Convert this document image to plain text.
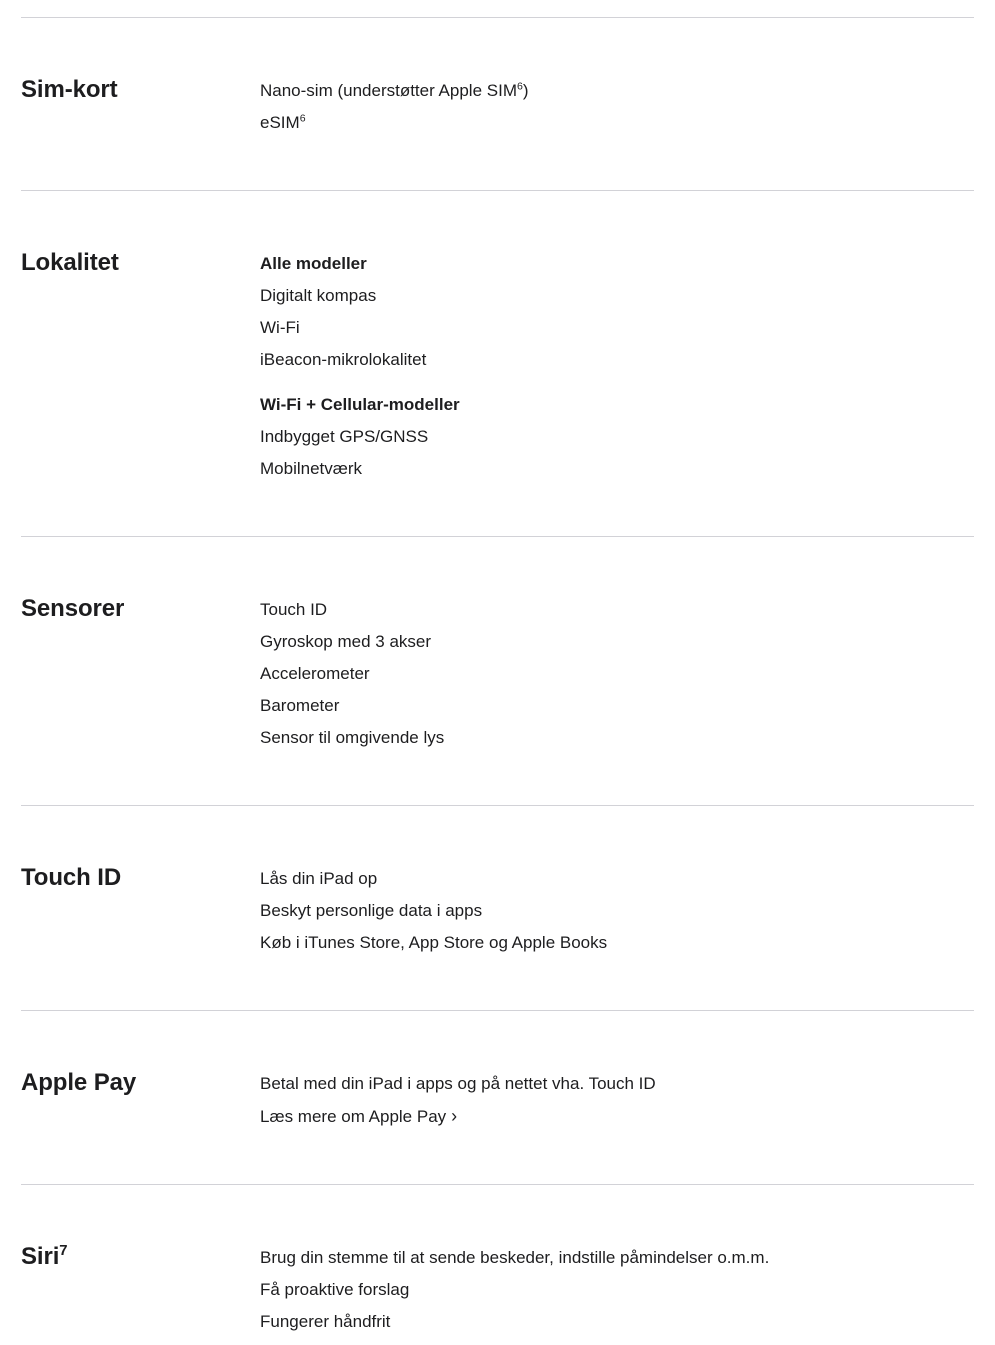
Sim-kort	Nano-sim (understøtter Apple SIM$^6$)

eSIM$^6$

Lokalitet	Alle modeller

Digitalt kompas

Wi-Fi

iBeacon-mikrolokalitet

Wi-Fi + Cellular-modeller

Indbygget GPS/GNSS

Mobilnetværk

Sensorer	Touch ID

Gyroskop med 3 akser

Accelerometer

Barometer

Sensor til omgivende lys

Touch ID	Lås din iPad op

Beskyt personlige data i apps

Køb i iTunes Store, App Store og Apple Books

Apple Pay	Betal med din iPad i apps og på nettet vha. Touch ID

Læs mere om Apple Pay ›
Siri$^7$	Brug din stemme til at sende beskeder, indstille påmindelser o.m.m.

Få proaktive forslag

Fungerer håndfrit
